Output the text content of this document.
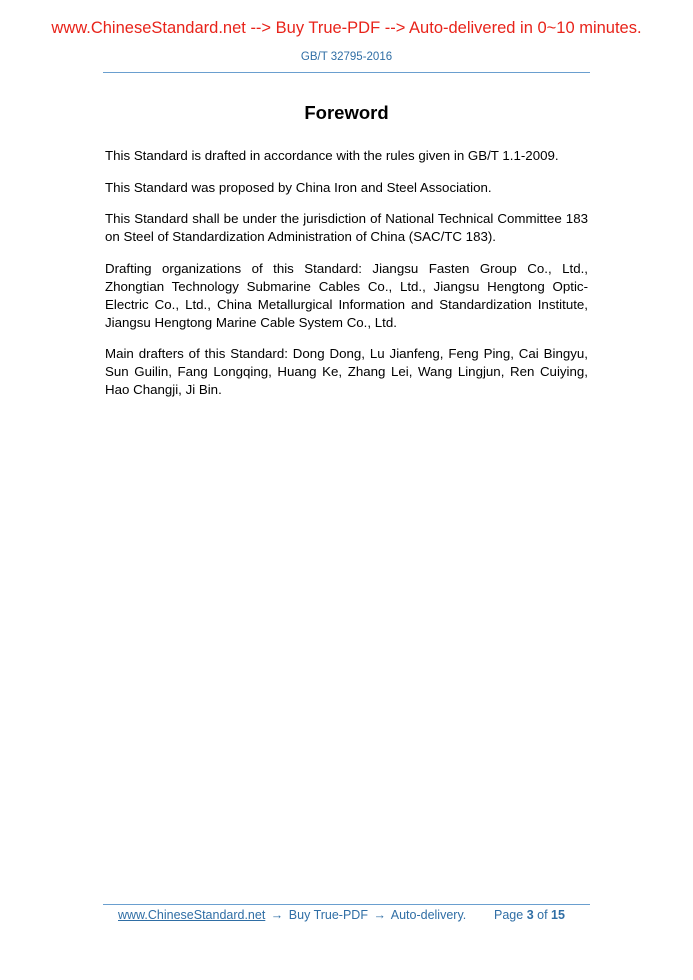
www.ChineseStandard.net --> Buy True-PDF --> Auto-delivered in 0~10 minutes.
GB/T 32795-2016
Foreword

This Standard is drafted in accordance with the rules given in GB/T 1.1-2009.

This Standard was proposed by China Iron and Steel Association.

This Standard shall be under the jurisdiction of National Technical Committee 183 on Steel of Standardization Administration of China (SAC/TC 183).

Drafting organizations of this Standard: Jiangsu Fasten Group Co., Ltd., Zhongtian Technology Submarine Cables Co., Ltd., Jiangsu Hengtong Optic-Electric Co., Ltd., China Metallurgical Information and Standardization Institute, Jiangsu Hengtong Marine Cable System Co., Ltd.

Main drafters of this Standard: Dong Dong, Lu Jianfeng, Feng Ping, Cai Bingyu, Sun Guilin, Fang Longqing, Huang Ke, Zhang Lei, Wang Lingjun, Ren Cuiying, Hao Changji, Ji Bin.

www.ChineseStandard.net → Buy True-PDF → Auto-delivery. Page 3 of 15
